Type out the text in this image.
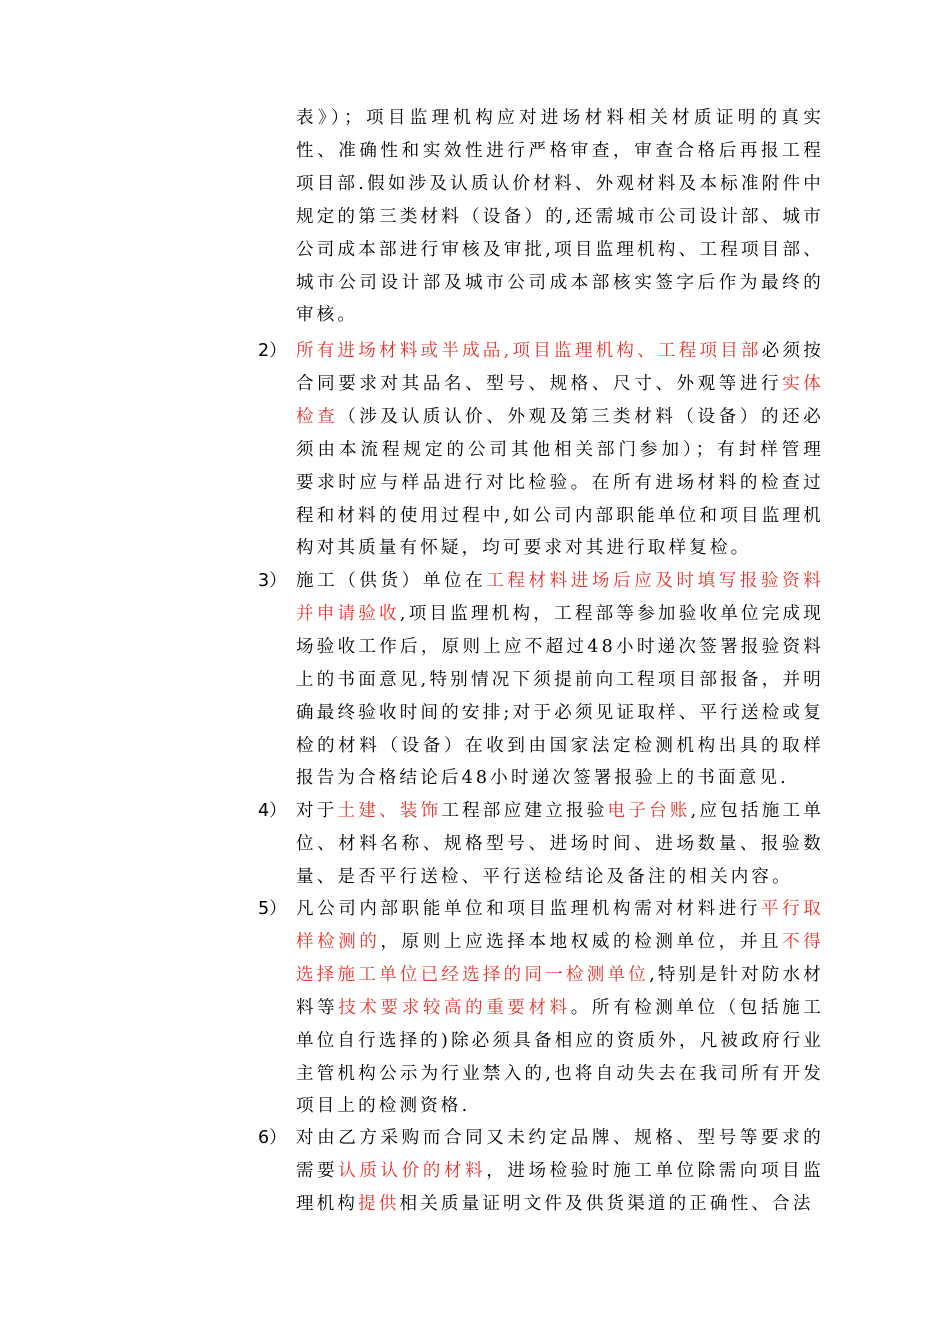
表》）；项目监理机构应对进场材料相关材质证明的真实性、准确性和实效性进行严格审查，审查合格后再报工程项目部.假如涉及认质认价材料、外观材料及本标准附件中规定的第三类材料（设备）的,还需城市公司设计部、城市公司成本部进行审核及审批,项目监理机构、工程项目部、城市公司设计部及城市公司成本部核实签字后作为最终的审核。
2） 所有进场材料或半成品,项目监理机构、工程项目部必须按合同要求对其品名、型号、规格、尺寸、外观等进行实体检查（涉及认质认价、外观及第三类材料（设备）的还必须由本流程规定的公司其他相关部门参加）；有封样管理要求时应与样品进行对比检验。在所有进场材料的检查过程和材料的使用过程中,如公司内部职能单位和项目监理机构对其质量有怀疑，均可要求对其进行取样复检。
3） 施工（供货）单位在工程材料进场后应及时填写报验资料并申请验收,项目监理机构，工程部等参加验收单位完成现场验收工作后，原则上应不超过48小时递次签署报验资料上的书面意见,特别情况下须提前向工程项目部报备，并明确最终验收时间的安排;对于必须见证取样、平行送检或复检的材料（设备）在收到由国家法定检测机构出具的取样报告为合格结论后48小时递次签署报验上的书面意见.
4） 对于土建、装饰工程部应建立报验电子台账,应包括施工单位、材料名称、规格型号、进场时间、进场数量、报验数量、是否平行送检、平行送检结论及备注的相关内容。
5） 凡公司内部职能单位和项目监理机构需对材料进行平行取样检测的，原则上应选择本地权威的检测单位，并且不得选择施工单位已经选择的同一检测单位,特别是针对防水材料等技术要求较高的重要材料。所有检测单位（包括施工单位自行选择的)除必须具备相应的资质外，凡被政府行业主管机构公示为行业禁入的,也将自动失去在我司所有开发项目上的检测资格.
6） 对由乙方采购而合同又未约定品牌、规格、型号等要求的需要认质认价的材料，进场检验时施工单位除需向项目监理机构提供相关质量证明文件及供货渠道的正确性、合法
